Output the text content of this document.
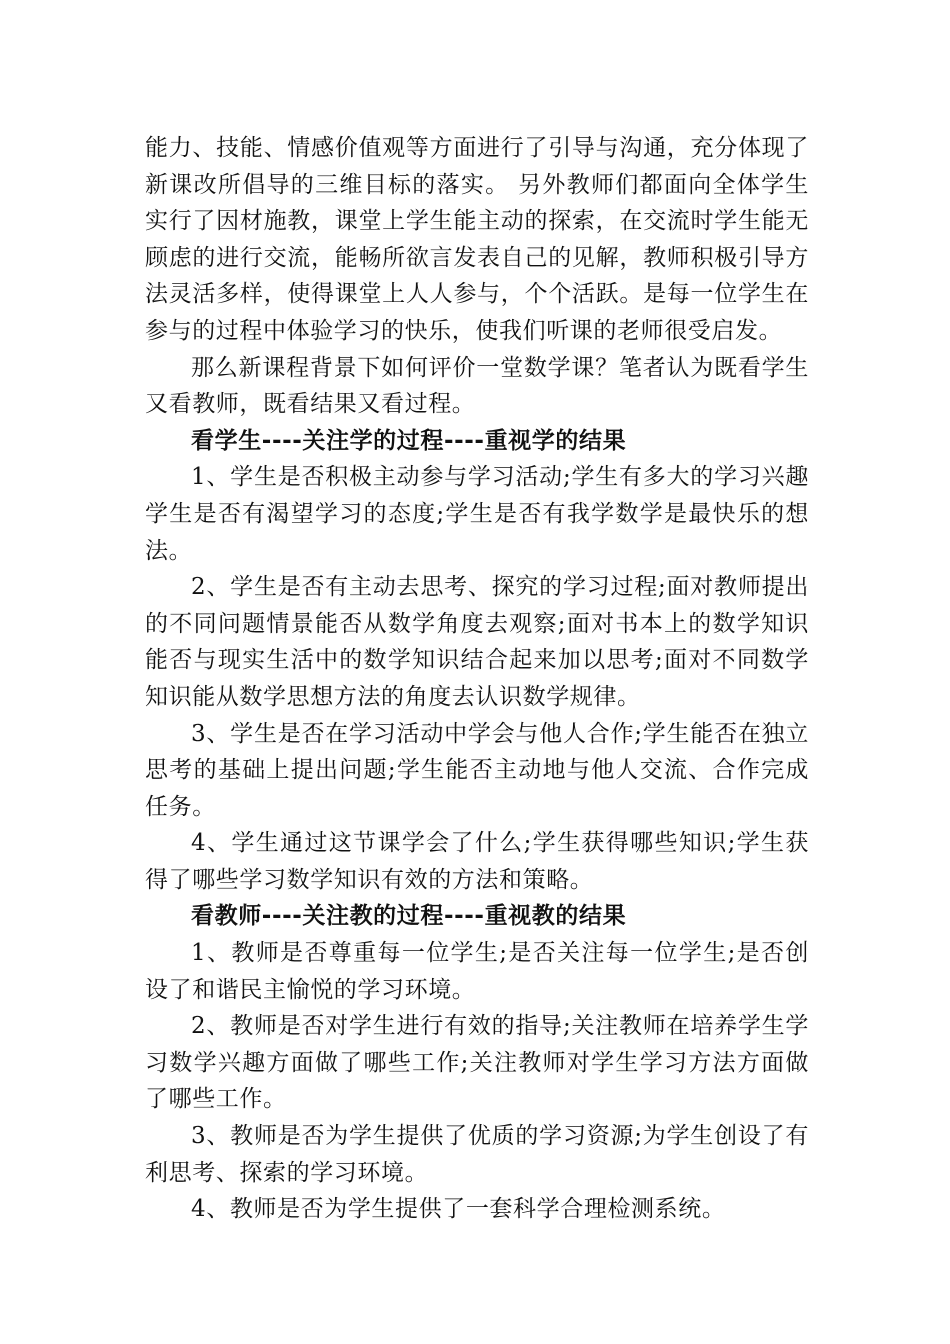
能力、技能、情感价值观等方面进行了引导与沟通，充分体现了新课改所倡导的三维目标的落实。 另外教师们都面向全体学生实行了因材施教，课堂上学生能主动的探索，在交流时学生能无顾虑的进行交流，能畅所欲言发表自己的见解，教师积极引导方法灵活多样，使得课堂上人人参与，个个活跃。是每一位学生在参与的过程中体验学习的快乐，使我们听课的老师很受启发。

那么新课程背景下如何评价一堂数学课？笔者认为既看学生又看教师，既看结果又看过程。

看学生----关注学的过程----重视学的结果

1、学生是否积极主动参与学习活动;学生有多大的学习兴趣学生是否有渴望学习的态度;学生是否有我学数学是最快乐的想法。

2、学生是否有主动去思考、探究的学习过程;面对教师提出的不同问题情景能否从数学角度去观察;面对书本上的数学知识能否与现实生活中的数学知识结合起来加以思考;面对不同数学知识能从数学思想方法的角度去认识数学规律。

3、学生是否在学习活动中学会与他人合作;学生能否在独立思考的基础上提出问题;学生能否主动地与他人交流、合作完成任务。

4、学生通过这节课学会了什么;学生获得哪些知识;学生获得了哪些学习数学知识有效的方法和策略。

看教师----关注教的过程----重视教的结果

1、教师是否尊重每一位学生;是否关注每一位学生;是否创设了和谐民主愉悦的学习环境。

2、教师是否对学生进行有效的指导;关注教师在培养学生学习数学兴趣方面做了哪些工作;关注教师对学生学习方法方面做了哪些工作。

3、教师是否为学生提供了优质的学习资源;为学生创设了有利思考、探索的学习环境。

4、教师是否为学生提供了一套科学合理检测系统。
